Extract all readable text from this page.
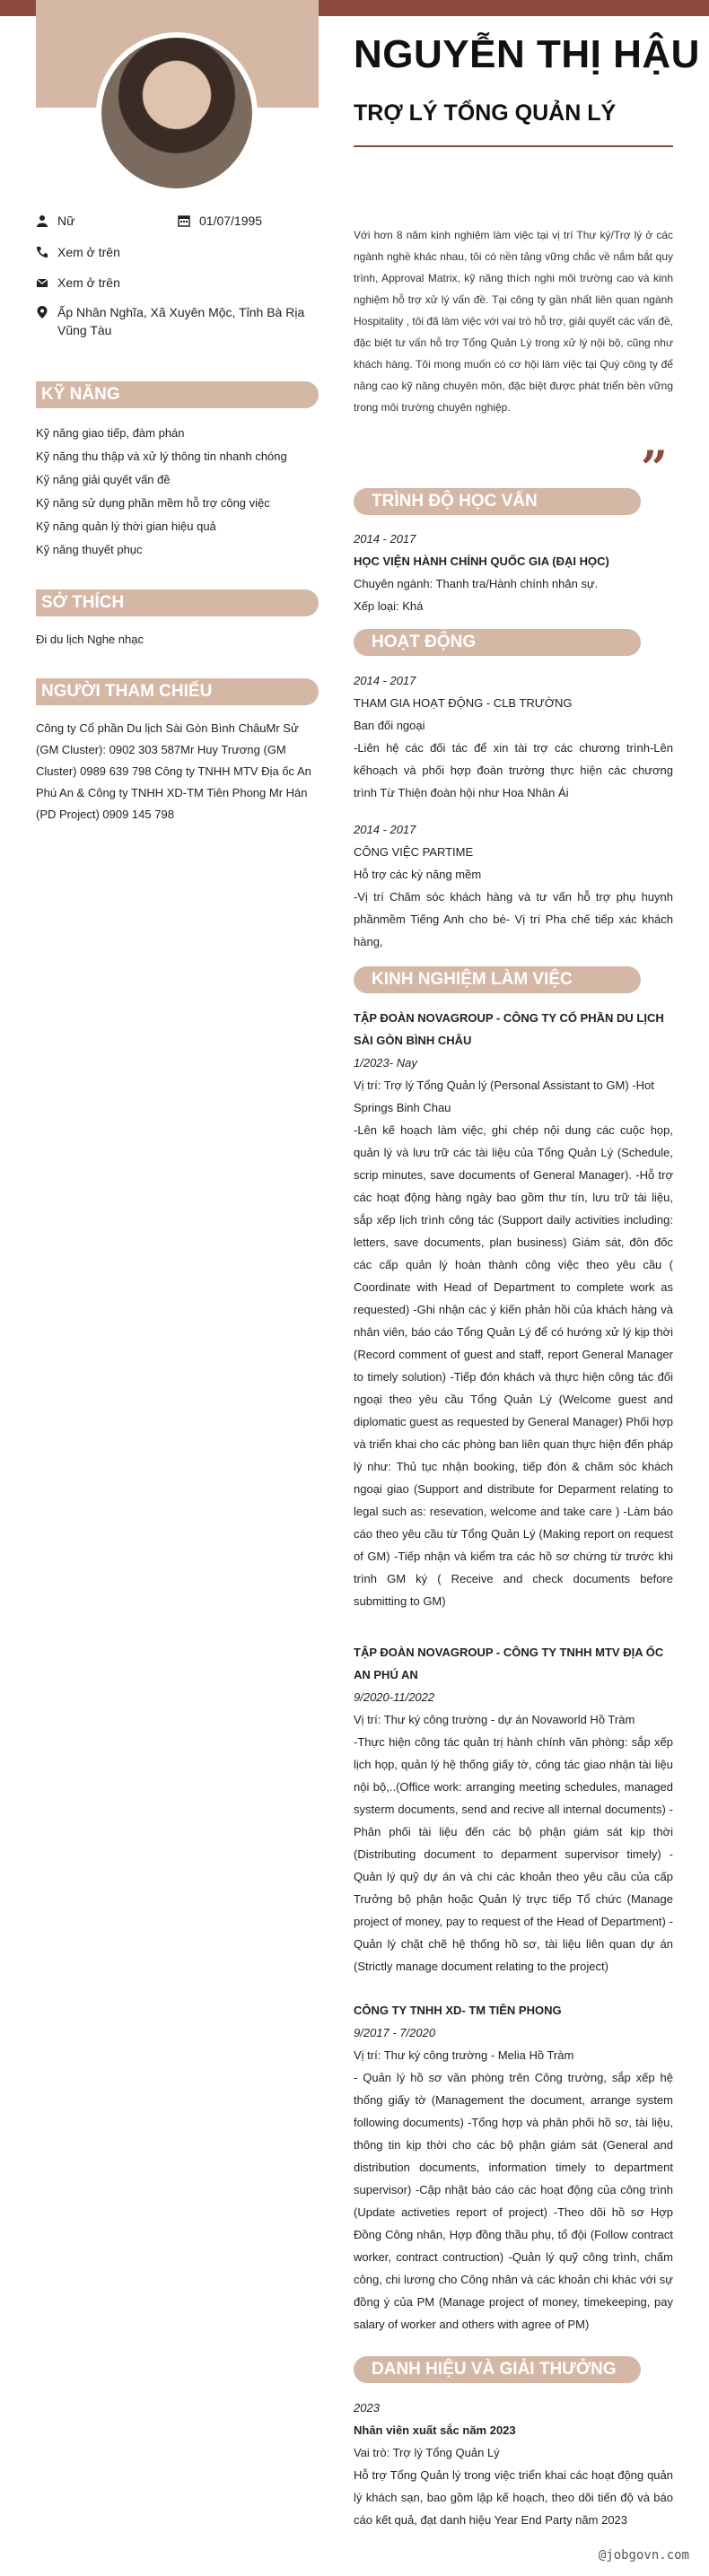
NGUYỄN THỊ HẬU
TRỢ LÝ TỔNG QUẢN LÝ
Nữ	01/07/1995
Xem ở trên
Xem ở trên
Ấp Nhân Nghĩa, Xã Xuyên Mộc, Tỉnh Bà Rịa Vũng Tàu
KỸ NĂNG
Kỹ năng giao tiếp, đàm phán
Kỹ năng thu thập và xử lý thông tin nhanh chóng
Kỹ năng giải quyết vấn đề
Kỹ năng sử dụng phần mềm hỗ trợ công việc
Kỹ năng quản lý thời gian hiệu quả
Kỹ năng thuyết phục
SỞ THÍCH
Đi du lịch Nghe nhạc
NGƯỜI THAM CHIẾU
Công ty Cổ phần Du lịch Sài Gòn Bình ChâuMr Sử (GM Cluster): 0902 303 587Mr Huy Trương (GM Cluster) 0989 639 798 Công ty TNHH MTV Địa ốc An Phú An & Công ty TNHH XD-TM Tiên Phong Mr Hán (PD Project) 0909 145 798
Với hơn 8 năm kinh nghiệm làm việc tại vị trí Thư ký/Trợ lý ở các ngành nghề khác nhau, tôi có nền tảng vững chắc về nắm bắt quy trình, Approval Matrix, kỹ năng thích nghi môi trường cao và kinh nghiệm hỗ trợ xử lý vấn đề. Tại công ty gần nhất liên quan ngành Hospitality , tôi đã làm việc với vai trò hỗ trợ, giải quyết các vấn đề, đặc biệt tư vấn hỗ trợ Tổng Quản Lý trong xử lý nội bộ, cũng như khách hàng. Tôi mong muốn có cơ hội làm việc tại Quý công ty để nâng cao kỹ năng chuyên môn, đặc biệt được phát triển bền vững trong môi trường chuyên nghiệp.
”
TRÌNH ĐỘ HỌC VẤN
2014 - 2017
HỌC VIỆN HÀNH CHÍNH QUỐC GIA (ĐẠI HỌC)
Chuyên ngành: Thanh tra/Hành chính nhân sự.
Xếp loại: Khá
HOẠT ĐỘNG
2014 - 2017
THAM GIA HOẠT ĐỘNG - CLB TRƯỜNG
Ban đối ngoại
-Liên hệ các đối tác để xin tài trợ các chương trình-Lên kếhoạch và phối hợp đoàn trường thực hiện các chương trình Từ Thiện đoàn hội như Hoa Nhân Ái
2014 - 2017
CÔNG VIỆC PARTIME
Hỗ trợ các kỳ năng mềm
-Vị trí Chăm sóc khách hàng và tư vấn hỗ trợ phụ huynh phầnmềm Tiếng Anh cho bé- Vị trí Pha chế tiếp xác khách hàng,
KINH NGHIỆM LÀM VIỆC
TẬP ĐOÀN NOVAGROUP - CÔNG TY CỔ PHẦN DU LỊCH SÀI GÒN BÌNH CHÂU
1/2023- Nay
Vị trí: Trợ lý Tổng Quản lý (Personal Assistant to GM) -Hot Springs Binh Chau
-Lên kế hoạch làm việc, ghi chép nội dung các cuộc họp, quản lý và lưu trữ các tài liệu của Tổng Quản Lý (Schedule, scrip minutes, save documents of General Manager). -Hỗ trợ các hoạt động hàng ngày bao gồm thư tín, lưu trữ tài liệu, sắp xếp lịch trình công tác (Support daily activities including: letters, save documents, plan business) Giám sát, đôn đốc các cấp quản lý hoàn thành công việc theo yêu cầu ( Coordinate with Head of Department to complete work as requested) -Ghi nhận các ý kiến phản hồi của khách hàng và nhân viên, báo cáo Tổng Quản Lý để có hướng xử lý kịp thời (Record comment of guest and staff, report General Manager to timely solution) -Tiếp đón khách và thực hiện công tác đối ngoại theo yêu cầu Tổng Quản Lý (Welcome guest and diplomatic guest as requested by General Manager) Phối hợp và triển khai cho các phòng ban liên quan thực hiện đến pháp lý như: Thủ tục nhận booking, tiếp đón & chăm sóc khách ngoại giao (Support and distribute for Deparment relating to legal such as: resevation, welcome and take care ) -Làm báo cáo theo yêu cầu từ Tổng Quản Lý (Making report on request of GM) -Tiếp nhận và kiểm tra các hồ sơ chứng từ trước khi trình GM ký ( Receive and check documents before submitting to GM)
TẬP ĐOÀN NOVAGROUP - CÔNG TY TNHH MTV ĐỊA ỐC AN PHÚ AN
9/2020-11/2022
Vị trí: Thư ký công trường - dự án Novaworld Hồ Tràm
-Thực hiện công tác quản trị hành chính văn phòng: sắp xếp lịch họp, quản lý hệ thống giấy tờ, công tác giao nhận tài liệu nội bộ,..(Office work: arranging meeting schedules, managed systerm documents, send and recive all internal documents) -Phân phối tài liệu đến các bộ phận giám sát kịp thời (Distributing document to deparment supervisor timely) - Quản lý quỹ dự án và chi các khoản theo yêu cầu của cấp Trưởng bộ phận hoặc Quản lý trực tiếp Tổ chức (Manage project of money, pay to request of the Head of Department) - Quản lý chặt chẽ hệ thống hồ sơ, tài liệu liên quan dự án (Strictly manage document relating to the project)
CÔNG TY TNHH XD- TM TIÊN PHONG
9/2017 - 7/2020
Vị trí: Thư ký công trường - Melia Hồ Tràm
- Quản lý hồ sơ văn phòng trên Công trường, sắp xếp hệ thống giấy tờ (Management the document, arrange system following documents) -Tổng hợp và phân phối hồ sơ, tài liệu, thông tin kịp thời cho các bộ phận giám sát (General and distribution documents, information timely to department supervisor) -Cập nhật báo cáo các hoạt động của công trình (Update activeties report of project) -Theo dõi hồ sơ Hợp Đồng Công nhân, Hợp đồng thầu phụ, tổ đội (Follow contract worker, contract contruction) -Quản lý quỹ công trình, chấm công, chi lương cho Công nhân và các khoản chi khác với sự đồng ý của PM (Manage project of money, timekeeping, pay salary of worker and others with agree of PM)
DANH HIỆU VÀ GIẢI THƯỞNG
2023
Nhân viên xuất sắc năm 2023
Vai trò: Trợ lý Tổng Quản Lý
Hỗ trợ Tổng Quản lý trong việc triển khai các hoạt động quản lý khách sạn, bao gồm lập kế hoạch, theo dõi tiến độ và báo cáo kết quả, đạt danh hiệu Year End Party năm 2023
@jobgovn.com
